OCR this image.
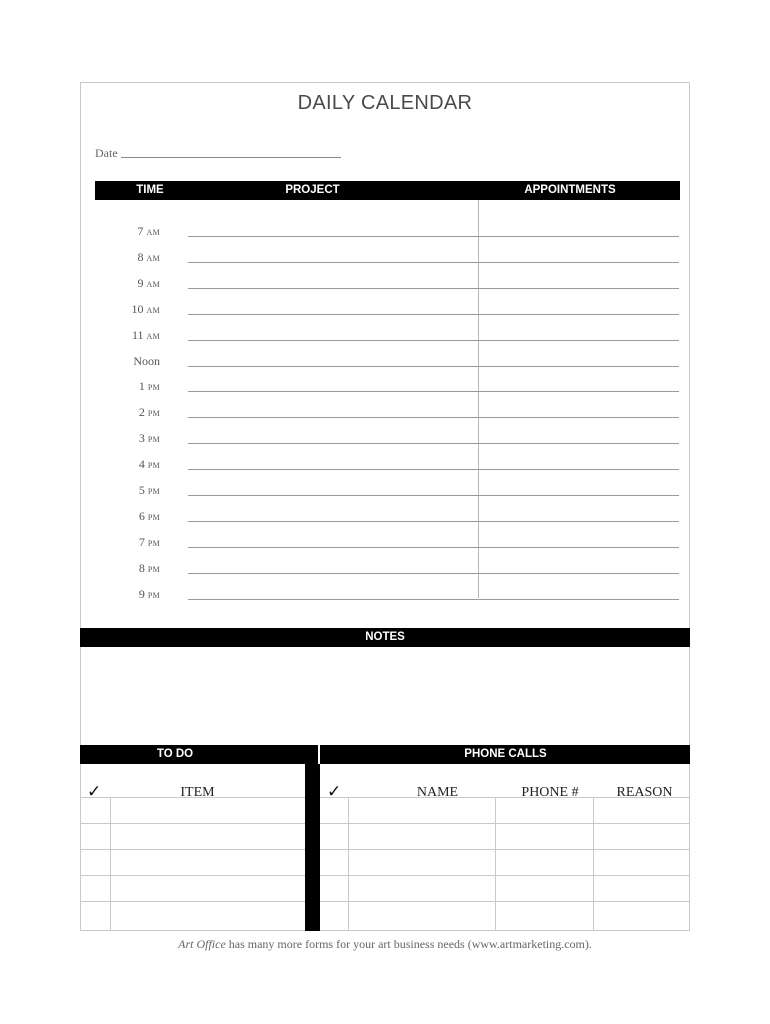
DAILY CALENDAR
Date
TIME	PROJECT	APPOINTMENTS
7 AM
8 AM
9 AM
10 AM
11 AM
Noon
1 PM
2 PM
3 PM
4 PM
5 PM
6 PM
7 PM
8 PM
9 PM
NOTES
TO DO	PHONE CALLS
✓	ITEM	✓	NAME	PHONE #	REASON
Art Office has many more forms for your art business needs (www.artmarketing.com).
